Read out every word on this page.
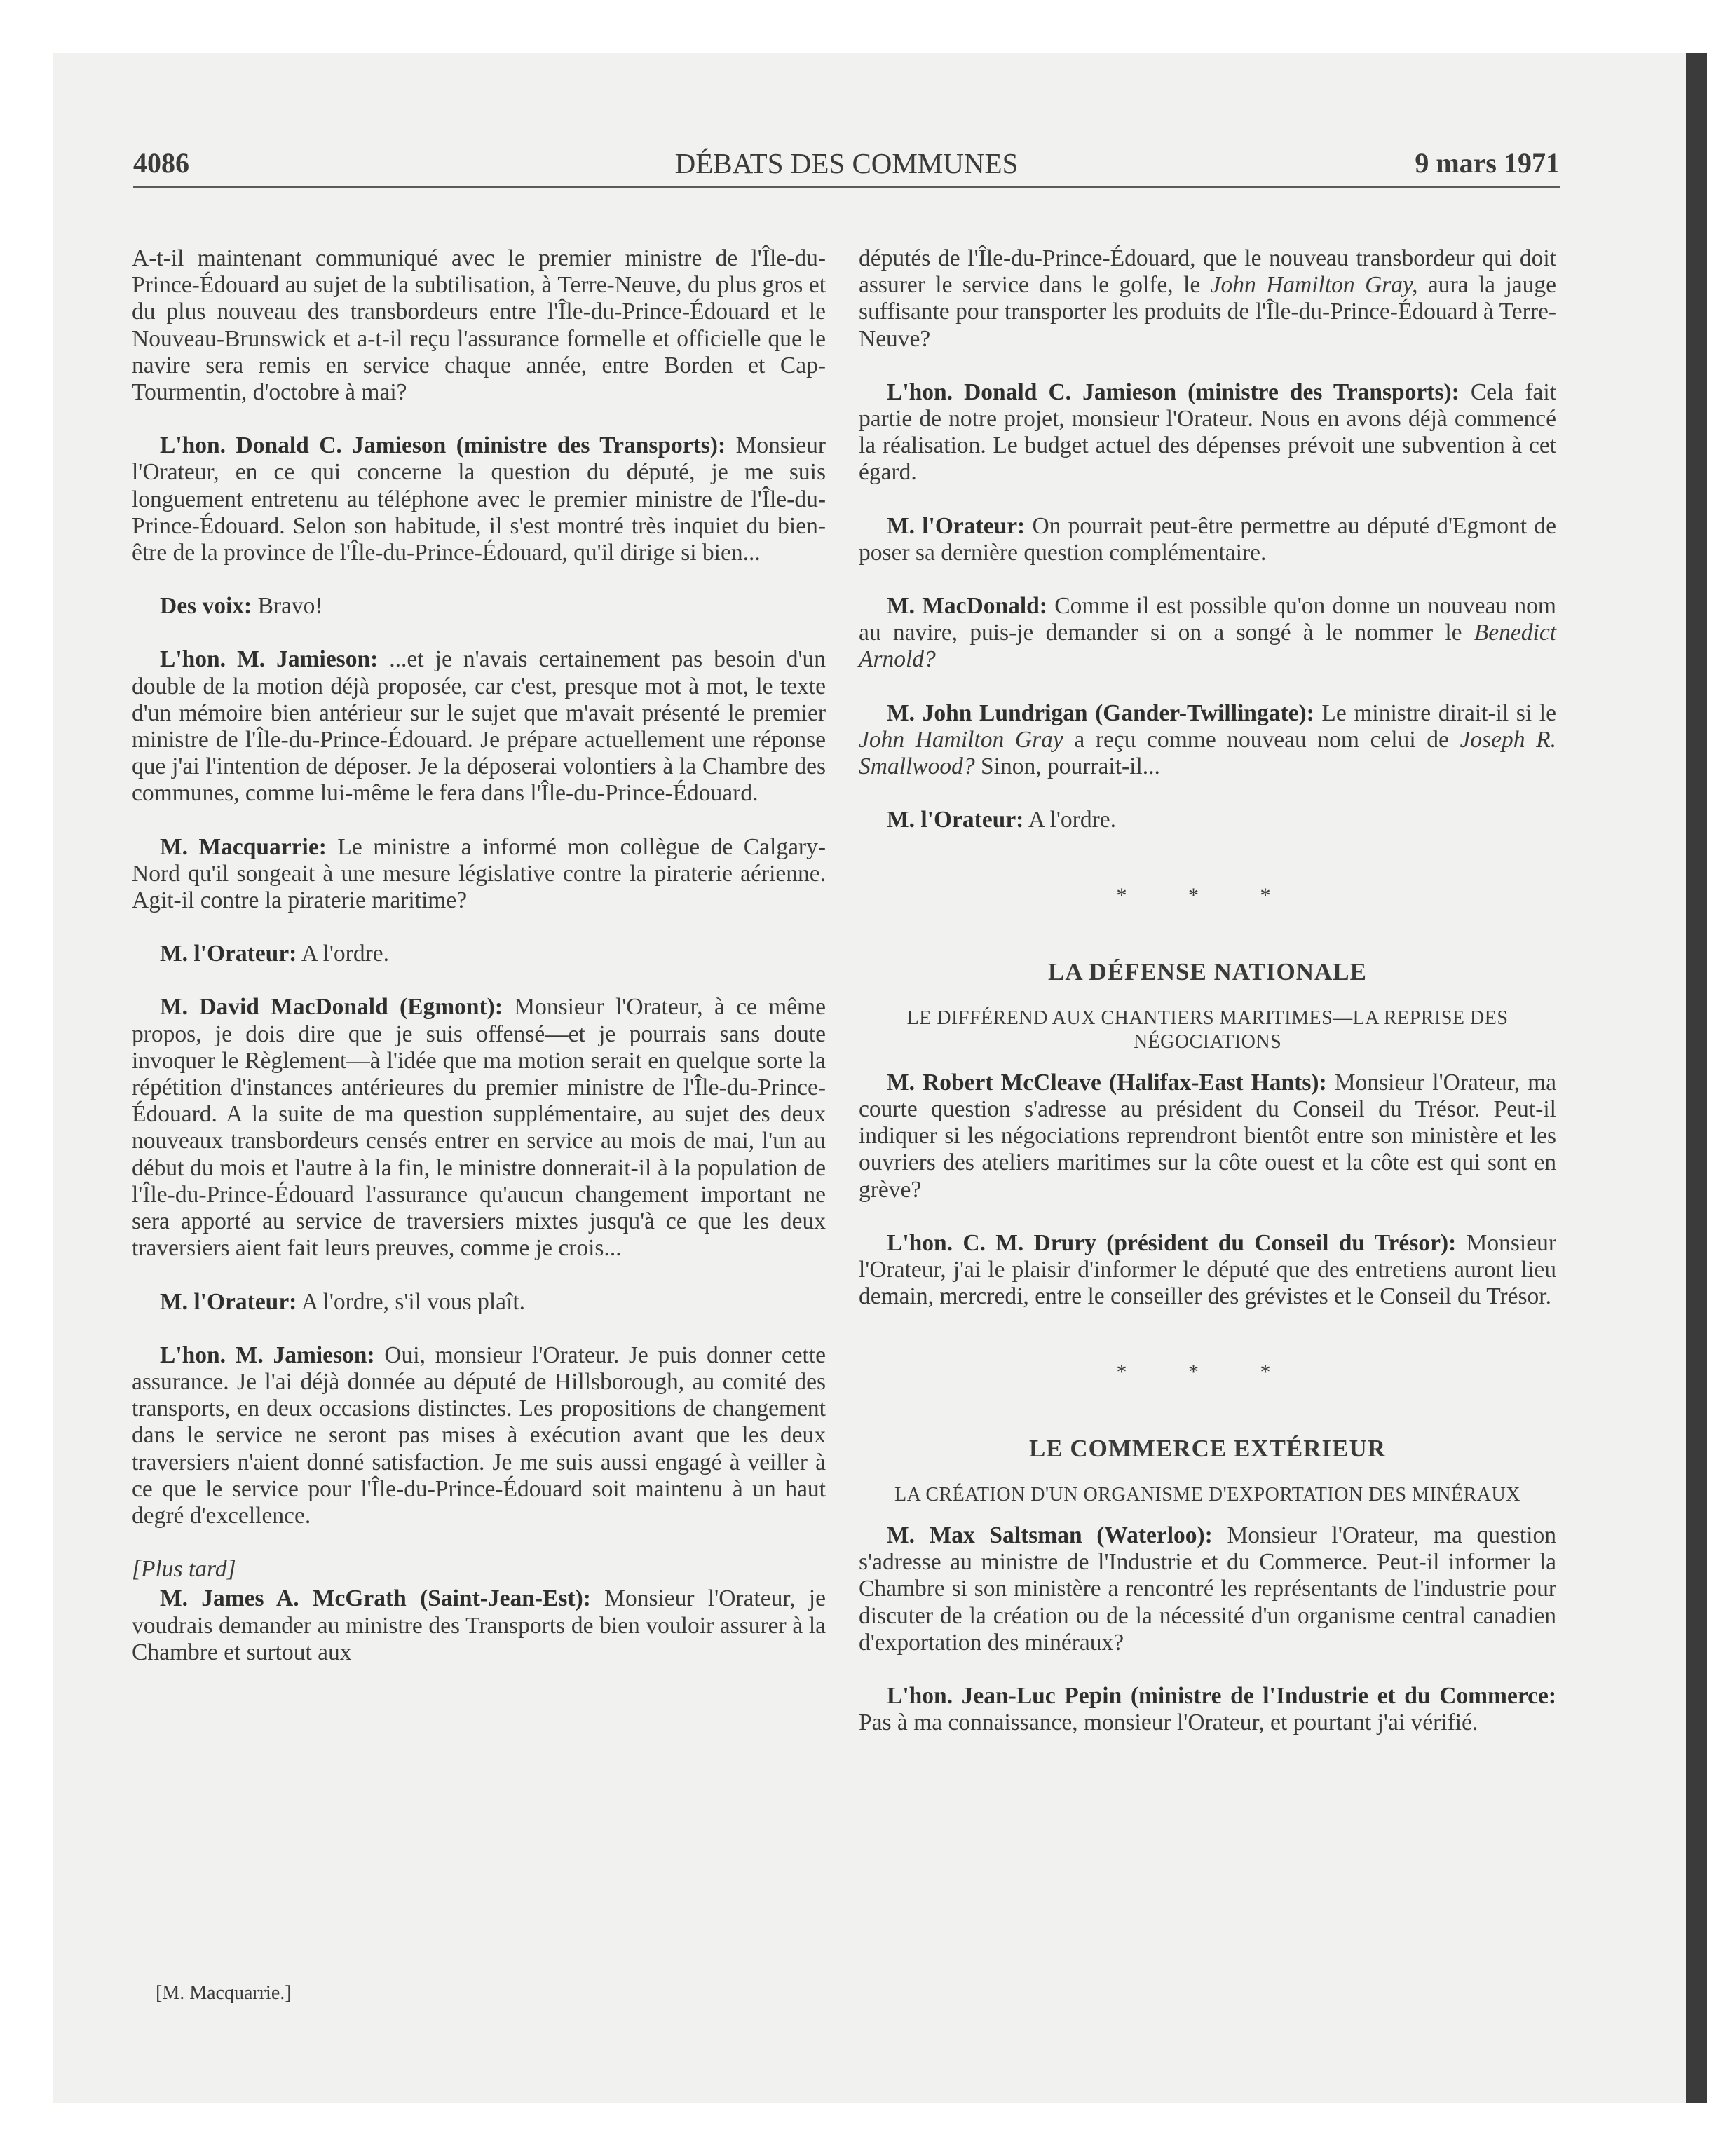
4086	DÉBATS DES COMMUNES	9 mars 1971

A-t-il maintenant communiqué avec le premier ministre de l'Île-du-Prince-Édouard au sujet de la subtilisation, à Terre-Neuve, du plus gros et du plus nouveau des transbordeurs entre l'Île-du-Prince-Édouard et le Nouveau-Brunswick et a-t-il reçu l'assurance formelle et officielle que le navire sera remis en service chaque année, entre Borden et Cap-Tourmentin, d'octobre à mai?

L'hon. Donald C. Jamieson (ministre des Transports): Monsieur l'Orateur, en ce qui concerne la question du député, je me suis longuement entretenu au téléphone avec le premier ministre de l'Île-du-Prince-Édouard. Selon son habitude, il s'est montré très inquiet du bien-être de la province de l'Île-du-Prince-Édouard, qu'il dirige si bien...

Des voix: Bravo!

L'hon. M. Jamieson: ...et je n'avais certainement pas besoin d'un double de la motion déjà proposée, car c'est, presque mot à mot, le texte d'un mémoire bien antérieur sur le sujet que m'avait présenté le premier ministre de l'Île-du-Prince-Édouard. Je prépare actuellement une réponse que j'ai l'intention de déposer. Je la déposerai volontiers à la Chambre des communes, comme lui-même le fera dans l'Île-du-Prince-Édouard.

M. Macquarrie: Le ministre a informé mon collègue de Calgary-Nord qu'il songeait à une mesure législative contre la piraterie aérienne. Agit-il contre la piraterie maritime?

M. l'Orateur: A l'ordre.

M. David MacDonald (Egmont): Monsieur l'Orateur, à ce même propos, je dois dire que je suis offensé—et je pourrais sans doute invoquer le Règlement—à l'idée que ma motion serait en quelque sorte la répétition d'instances antérieures du premier ministre de l'Île-du-Prince-Édouard. A la suite de ma question supplémentaire, au sujet des deux nouveaux transbordeurs censés entrer en service au mois de mai, l'un au début du mois et l'autre à la fin, le ministre donnerait-il à la population de l'Île-du-Prince-Édouard l'assurance qu'aucun changement important ne sera apporté au service de traversiers mixtes jusqu'à ce que les deux traversiers aient fait leurs preuves, comme je crois...

M. l'Orateur: A l'ordre, s'il vous plaît.

L'hon. M. Jamieson: Oui, monsieur l'Orateur. Je puis donner cette assurance. Je l'ai déjà donnée au député de Hillsborough, au comité des transports, en deux occasions distinctes. Les propositions de changement dans le service ne seront pas mises à exécution avant que les deux traversiers n'aient donné satisfaction. Je me suis aussi engagé à veiller à ce que le service pour l'Île-du-Prince-Édouard soit maintenu à un haut degré d'excellence.

[Plus tard]

M. James A. McGrath (Saint-Jean-Est): Monsieur l'Orateur, je voudrais demander au ministre des Transports de bien vouloir assurer à la Chambre et surtout aux

[M. Macquarrie.]

députés de l'Île-du-Prince-Édouard, que le nouveau transbordeur qui doit assurer le service dans le golfe, le John Hamilton Gray, aura la jauge suffisante pour transporter les produits de l'Île-du-Prince-Édouard à Terre-Neuve?

L'hon. Donald C. Jamieson (ministre des Transports): Cela fait partie de notre projet, monsieur l'Orateur. Nous en avons déjà commencé la réalisation. Le budget actuel des dépenses prévoit une subvention à cet égard.

M. l'Orateur: On pourrait peut-être permettre au député d'Egmont de poser sa dernière question complémentaire.

M. MacDonald: Comme il est possible qu'on donne un nouveau nom au navire, puis-je demander si on a songé à le nommer le Benedict Arnold?

M. John Lundrigan (Gander-Twillingate): Le ministre dirait-il si le John Hamilton Gray a reçu comme nouveau nom celui de Joseph R. Smallwood? Sinon, pourrait-il...

M. l'Orateur: A l'ordre.

* * *
LA DÉFENSE NATIONALE
LE DIFFÉREND AUX CHANTIERS MARITIMES—LA REPRISE DES NÉGOCIATIONS

M. Robert McCleave (Halifax-East Hants): Monsieur l'Orateur, ma courte question s'adresse au président du Conseil du Trésor. Peut-il indiquer si les négociations reprendront bientôt entre son ministère et les ouvriers des ateliers maritimes sur la côte ouest et la côte est qui sont en grève?

L'hon. C. M. Drury (président du Conseil du Trésor): Monsieur l'Orateur, j'ai le plaisir d'informer le député que des entretiens auront lieu demain, mercredi, entre le conseiller des grévistes et le Conseil du Trésor.

* * *
LE COMMERCE EXTÉRIEUR
LA CRÉATION D'UN ORGANISME D'EXPORTATION DES MINÉRAUX

M. Max Saltsman (Waterloo): Monsieur l'Orateur, ma question s'adresse au ministre de l'Industrie et du Commerce. Peut-il informer la Chambre si son ministère a rencontré les représentants de l'industrie pour discuter de la création ou de la nécessité d'un organisme central canadien d'exportation des minéraux?

L'hon. Jean-Luc Pepin (ministre de l'Industrie et du Commerce: Pas à ma connaissance, monsieur l'Orateur, et pourtant j'ai vérifié.
